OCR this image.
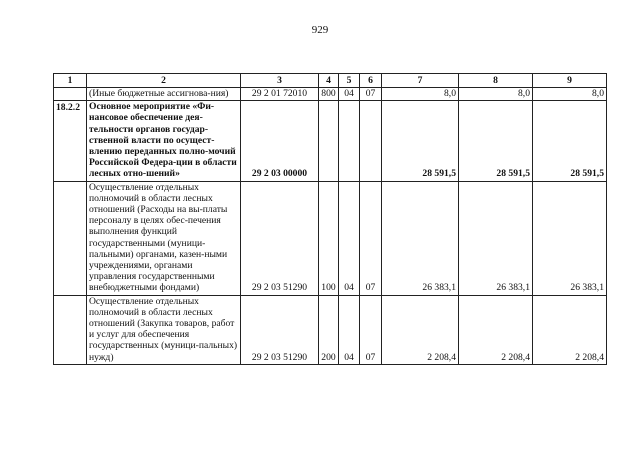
929
1	2	3	4	5	6	7	8	9
	(Иные бюджетные ассигнова-ния)	29 2 01 72010	800	04	07	8,0	8,0	8,0
18.2.2	Основное мероприятие «Фи-нансовое обеспечение дея-тельности органов государ-ственной власти по осущест-влению переданных полно-мочий Российской Федера-ции в области лесных отно-шений»	29 2 03 00000				28 591,5	28 591,5	28 591,5
	Осуществление отдельных полномочий в области лесных отношений (Расходы на вы-платы персоналу в целях обес-печения выполнения функций государственными (муници-пальными) органами, казен-ными учреждениями, органами управления государственными внебюджетными фондами)	29 2 03 51290	100	04	07	26 383,1	26 383,1	26 383,1
	Осуществление отдельных полномочий в области лесных отношений (Закупка товаров, работ и услуг для обеспечения государственных (муници-пальных) нужд)	29 2 03 51290	200	04	07	2 208,4	2 208,4	2 208,4
